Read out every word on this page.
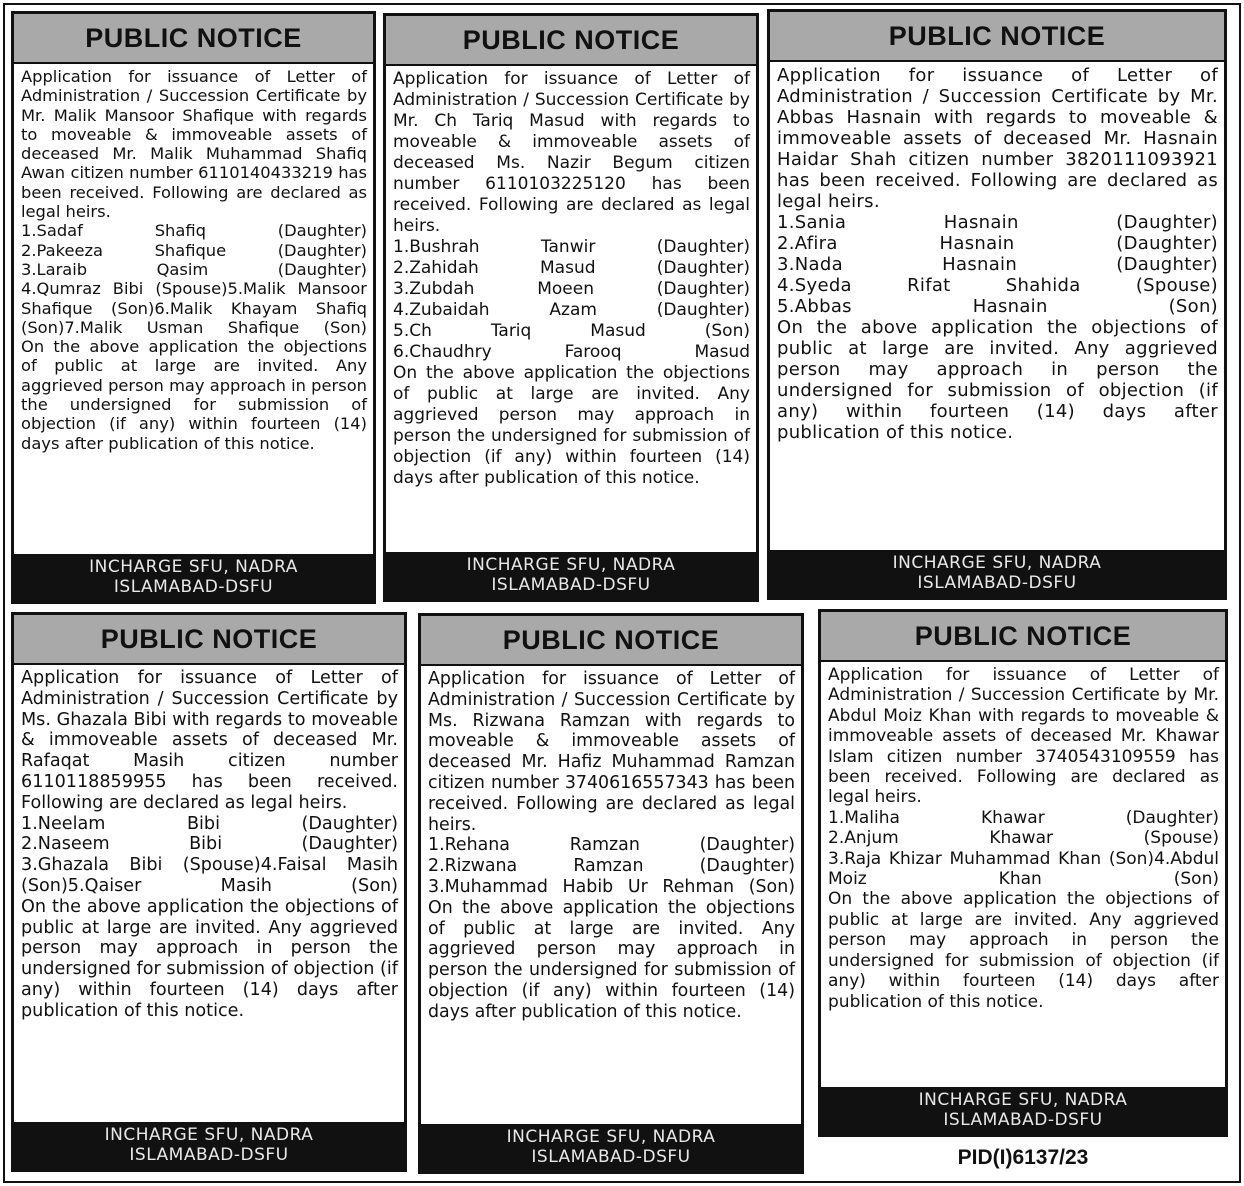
PUBLIC NOTICE

Application for issuance of Letter of Administration / Succession Certificate by Mr. Malik Mansoor Shafique with regards to moveable & immoveable assets of deceased Mr. Malik Muhammad Shafiq Awan citizen number 6110140433219 has been received. Following are declared as legal heirs.

1.Sadaf Shafiq (Daughter)
2.Pakeeza Shafique (Daughter)
3.Laraib Qasim (Daughter)
4.Qumraz Bibi (Spouse)5.Malik Mansoor Shafique (Son)6.Malik Khayam Shafiq (Son)7.Malik Usman Shafique (Son)

On the above application the objections of public at large are invited. Any aggrieved person may approach in person the undersigned for submission of objection (if any) within fourteen (14) days after publication of this notice.

INCHARGE SFU, NADRA
ISLAMABAD-DSFU
PUBLIC NOTICE

Application for issuance of Letter of Administration / Succession Certificate by Mr. Ch Tariq Masud with regards to moveable & immoveable assets of deceased Ms. Nazir Begum citizen number 6110103225120 has been received. Following are declared as legal heirs.

1.Bushrah Tanwir (Daughter)
2.Zahidah Masud (Daughter)
3.Zubdah Moeen (Daughter)
4.Zubaidah Azam (Daughter)
5.Ch Tariq Masud (Son)
6.Chaudhry Farooq Masud

On the above application the objections of public at large are invited. Any aggrieved person may approach in person the undersigned for submission of objection (if any) within fourteen (14) days after publication of this notice.

INCHARGE SFU, NADRA
ISLAMABAD-DSFU
PUBLIC NOTICE

Application for issuance of Letter of Administration / Succession Certificate by Mr. Abbas Hasnain with regards to moveable & immoveable assets of deceased Mr. Hasnain Haidar Shah citizen number 3820111093921 has been received. Following are declared as legal heirs.

1.Sania Hasnain (Daughter)
2.Afira Hasnain (Daughter)
3.Nada Hasnain (Daughter)
4.Syeda Rifat Shahida (Spouse)
5.Abbas Hasnain (Son)

On the above application the objections of public at large are invited. Any aggrieved person may approach in person the undersigned for submission of objection (if any) within fourteen (14) days after publication of this notice.

INCHARGE SFU, NADRA
ISLAMABAD-DSFU
PUBLIC NOTICE

Application for issuance of Letter of Administration / Succession Certificate by Ms. Ghazala Bibi with regards to moveable & immoveable assets of deceased Mr. Rafaqat Masih citizen number 6110118859955 has been received. Following are declared as legal heirs.

1.Neelam Bibi (Daughter)
2.Naseem Bibi (Daughter)
3.Ghazala Bibi (Spouse)4.Faisal Masih (Son)5.Qaiser Masih (Son)

On the above application the objections of public at large are invited. Any aggrieved person may approach in person the undersigned for submission of objection (if any) within fourteen (14) days after publication of this notice.

INCHARGE SFU, NADRA
ISLAMABAD-DSFU
PUBLIC NOTICE

Application for issuance of Letter of Administration / Succession Certificate by Ms. Rizwana Ramzan with regards to moveable & immoveable assets of deceased Mr. Hafiz Muhammad Ramzan citizen number 3740616557343 has been received. Following are declared as legal heirs.

1.Rehana Ramzan (Daughter)
2.Rizwana Ramzan (Daughter)
3.Muhammad Habib Ur Rehman (Son)

On the above application the objections of public at large are invited. Any aggrieved person may approach in person the undersigned for submission of objection (if any) within fourteen (14) days after publication of this notice.

INCHARGE SFU, NADRA
ISLAMABAD-DSFU
PUBLIC NOTICE

Application for issuance of Letter of Administration / Succession Certificate by Mr. Abdul Moiz Khan with regards to moveable & immoveable assets of deceased Mr. Khawar Islam citizen number 3740543109559 has been received. Following are declared as legal heirs.

1.Maliha Khawar (Daughter)
2.Anjum Khawar (Spouse)
3.Raja Khizar Muhammad Khan (Son)4.Abdul Moiz Khan (Son)

On the above application the objections of public at large are invited. Any aggrieved person may approach in person the undersigned for submission of objection (if any) within fourteen (14) days after publication of this notice.

INCHARGE SFU, NADRA
ISLAMABAD-DSFU
PID(I)6137/23
